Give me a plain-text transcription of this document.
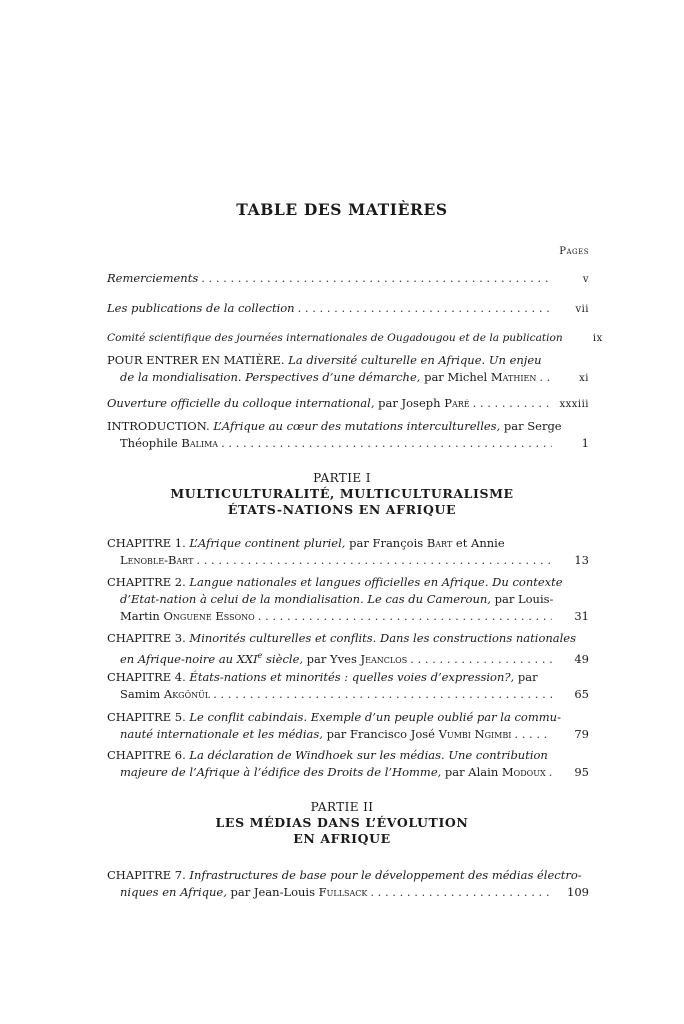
TABLE DES MATIÈRES
Pages
Remerciements . . .	v
Les publications de la collection . . .	vii
Comité scientifique des journées internationales de Ougadougou et de la publication	ix
POUR ENTRER EN MATIÈRE. La diversité culturelle en Afrique. Un enjeu
de la mondialisation. Perspectives d’une démarche, par Michel Mathien . . .	xi
Ouverture officielle du colloque international, par Joseph Paré . . .	xxxiii
INTRODUCTION. L’Afrique au cœur des mutations interculturelles, par Serge
Théophile Balima . . .	1
PARTIE I
MULTICULTURALITÉ, MULTICULTURALISME
ÉTATS-NATIONS EN AFRIQUE
CHAPITRE 1. L’Afrique continent pluriel, par François Bart et Annie
Lenoble-Bart . . .	13
CHAPITRE 2. Langue nationales et langues officielles en Afrique. Du contexte
d’Etat-nation à celui de la mondialisation. Le cas du Cameroun, par Louis-
Martin Onguene Essono . . .	31
CHAPITRE 3. Minorités culturelles et conflits. Dans les constructions nationales
en Afrique-noire au XXIe siècle, par Yves Jeanclos . . .	49
CHAPITRE 4. États-nations et minorités : quelles voies d’expression?, par
Samim Akgönül . . .	65
CHAPITRE 5. Le conflit cabindais. Exemple d’un peuple oublié par la commu-
nauté internationale et les médias, par Francisco José Vumbi Ngimbi . . .	79
CHAPITRE 6. La déclaration de Windhoek sur les médias. Une contribution
majeure de l’Afrique à l’édifice des Droits de l’Homme, par Alain Modoux . . .	95
PARTIE II
LES MÉDIAS DANS L’ÉVOLUTION
EN AFRIQUE
CHAPITRE 7. Infrastructures de base pour le développement des médias électro-
niques en Afrique, par Jean-Louis Fullsack . . .	109
